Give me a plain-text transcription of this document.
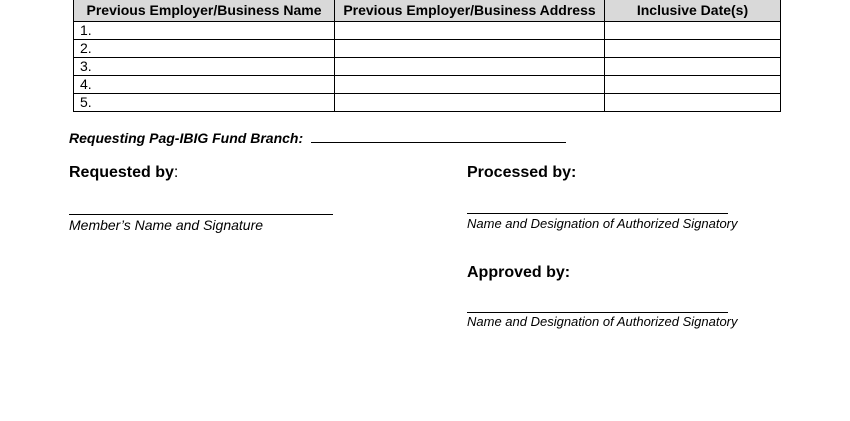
Previous Employer/Business Name	Previous Employer/Business Address	Inclusive Date(s)
1.		
2.		
3.		
4.		
5.		
Requesting Pag-IBIG Fund Branch:
Requested by:
Member’s Name and Signature
Processed by:
Name and Designation of Authorized Signatory
Approved by:
Name and Designation of Authorized Signatory
